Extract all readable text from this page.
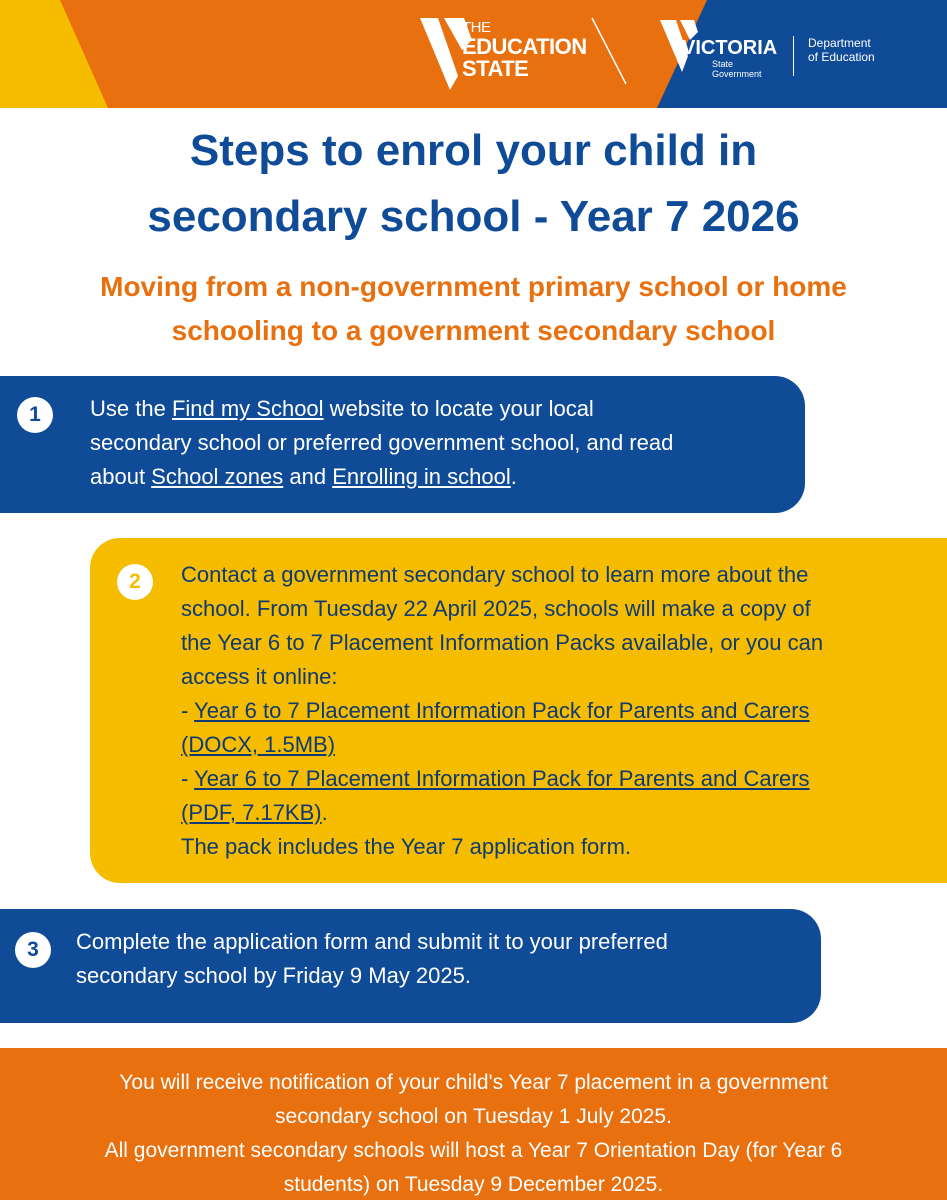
THE
EDUCATION
STATE
VICTORIA
State
Government
Department
of Education
Steps to enrol your child in
secondary school - Year 7 2026
Moving from a non-government primary school or home
schooling to a government secondary school
1	Use the Find my School website to locate your local
secondary school or preferred government school, and read
about School zones and Enrolling in school.
2	Contact a government secondary school to learn more about the
school. From Tuesday 22 April 2025, schools will make a copy of
the Year 6 to 7 Placement Information Packs available, or you can
access it online:
- Year 6 to 7 Placement Information Pack for Parents and Carers
(DOCX, 1.5MB)
- Year 6 to 7 Placement Information Pack for Parents and Carers
(PDF, 7.17KB).
The pack includes the Year 7 application form.
3	Complete the application form and submit it to your preferred
secondary school by Friday 9 May 2025.
You will receive notification of your child's Year 7 placement in a government
secondary school on Tuesday 1 July 2025.
All government secondary schools will host a Year 7 Orientation Day (for Year 6
students) on Tuesday 9 December 2025.
